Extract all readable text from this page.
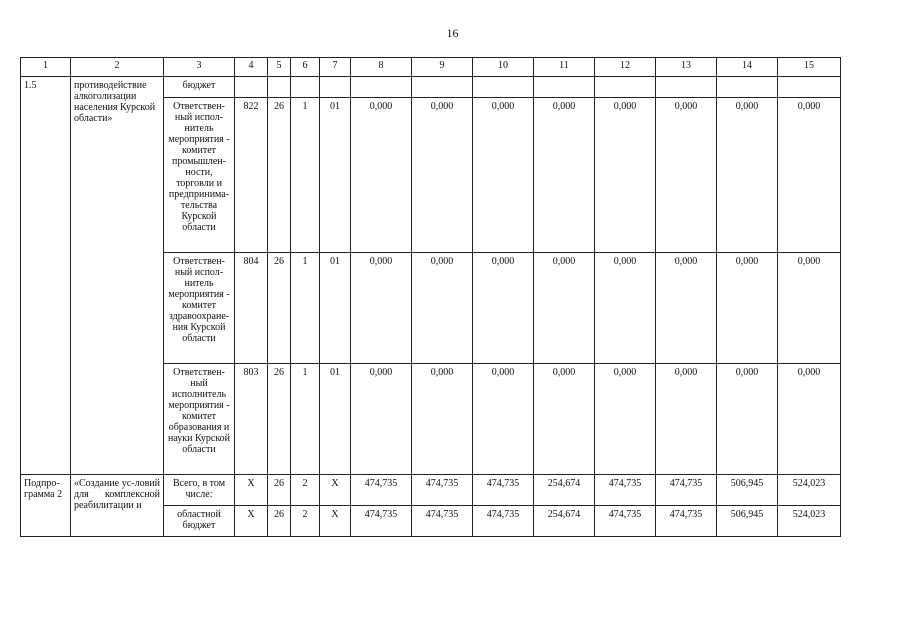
16
1	2	3	4	5	6	7	8	9	10	11	12	13	14	15
1.5	противодействие алкоголизации населения Курской области»	бюджет												
		Ответствен-ный испол-нитель мероприятия - комитет промышлен-ности, торговли и предпринима-тельства Курской области	822	26	1	01	0,000	0,000	0,000	0,000	0,000	0,000	0,000	0,000
		Ответствен-ный испол-нитель мероприятия - комитет здравоохране-ния Курской области	804	26	1	01	0,000	0,000	0,000	0,000	0,000	0,000	0,000	0,000
		Ответствен-ный исполнитель мероприятия - комитет образования и науки Курской области	803	26	1	01	0,000	0,000	0,000	0,000	0,000	0,000	0,000	0,000
Подпро-грамма 2	«Создание ус-ловий для комплексной реабилитации и	Всего, в том числе:	X	26	2	X	474,735	474,735	474,735	254,674	474,735	474,735	506,945	524,023
		областной бюджет	X	26	2	X	474,735	474,735	474,735	254,674	474,735	474,735	506,945	524,023
